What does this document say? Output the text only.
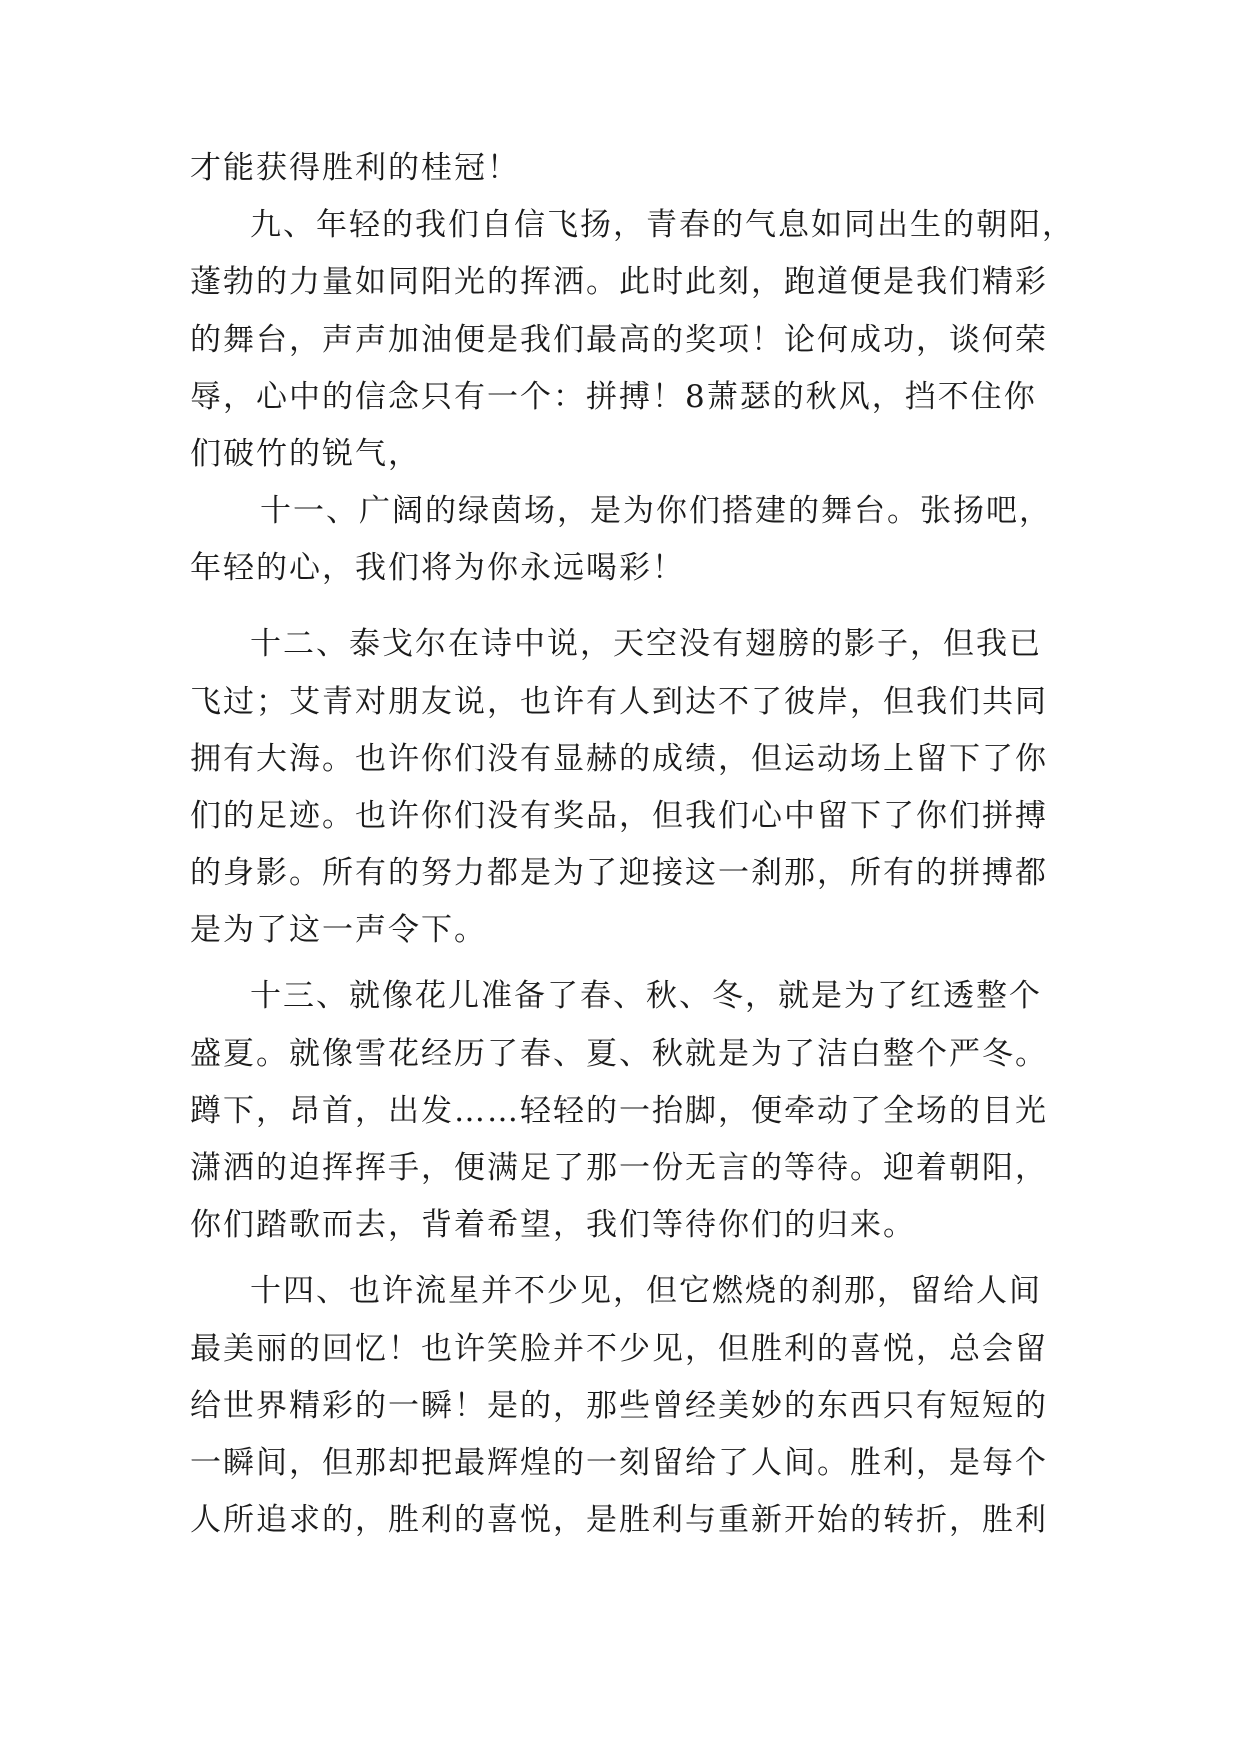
才能获得胜利的桂冠！
九、年轻的我们自信飞扬，青春的气息如同出生的朝阳，
蓬勃的力量如同阳光的挥洒。此时此刻，跑道便是我们精彩
的舞台，声声加油便是我们最高的奖项！论何成功，谈何荣
辱，心中的信念只有一个：拼搏！8萧瑟的秋风，挡不住你
们破竹的锐气，
十一、广阔的绿茵场，是为你们搭建的舞台。张扬吧，
年轻的心，我们将为你永远喝彩！
十二、泰戈尔在诗中说，天空没有翅膀的影子，但我已
飞过；艾青对朋友说，也许有人到达不了彼岸，但我们共同
拥有大海。也许你们没有显赫的成绩，但运动场上留下了你
们的足迹。也许你们没有奖品，但我们心中留下了你们拼搏
的身影。所有的努力都是为了迎接这一刹那，所有的拼搏都
是为了这一声令下。
十三、就像花儿准备了春、秋、冬，就是为了红透整个
盛夏。就像雪花经历了春、夏、秋就是为了洁白整个严冬。
蹲下，昂首，出发……轻轻的一抬脚，便牵动了全场的目光
潇洒的迫挥挥手，便满足了那一份无言的等待。迎着朝阳，
你们踏歌而去，背着希望，我们等待你们的归来。
十四、也许流星并不少见，但它燃烧的刹那，留给人间
最美丽的回忆！也许笑脸并不少见，但胜利的喜悦，总会留
给世界精彩的一瞬！是的，那些曾经美妙的东西只有短短的
一瞬间，但那却把最辉煌的一刻留给了人间。胜利，是每个
人所追求的，胜利的喜悦，是胜利与重新开始的转折，胜利
